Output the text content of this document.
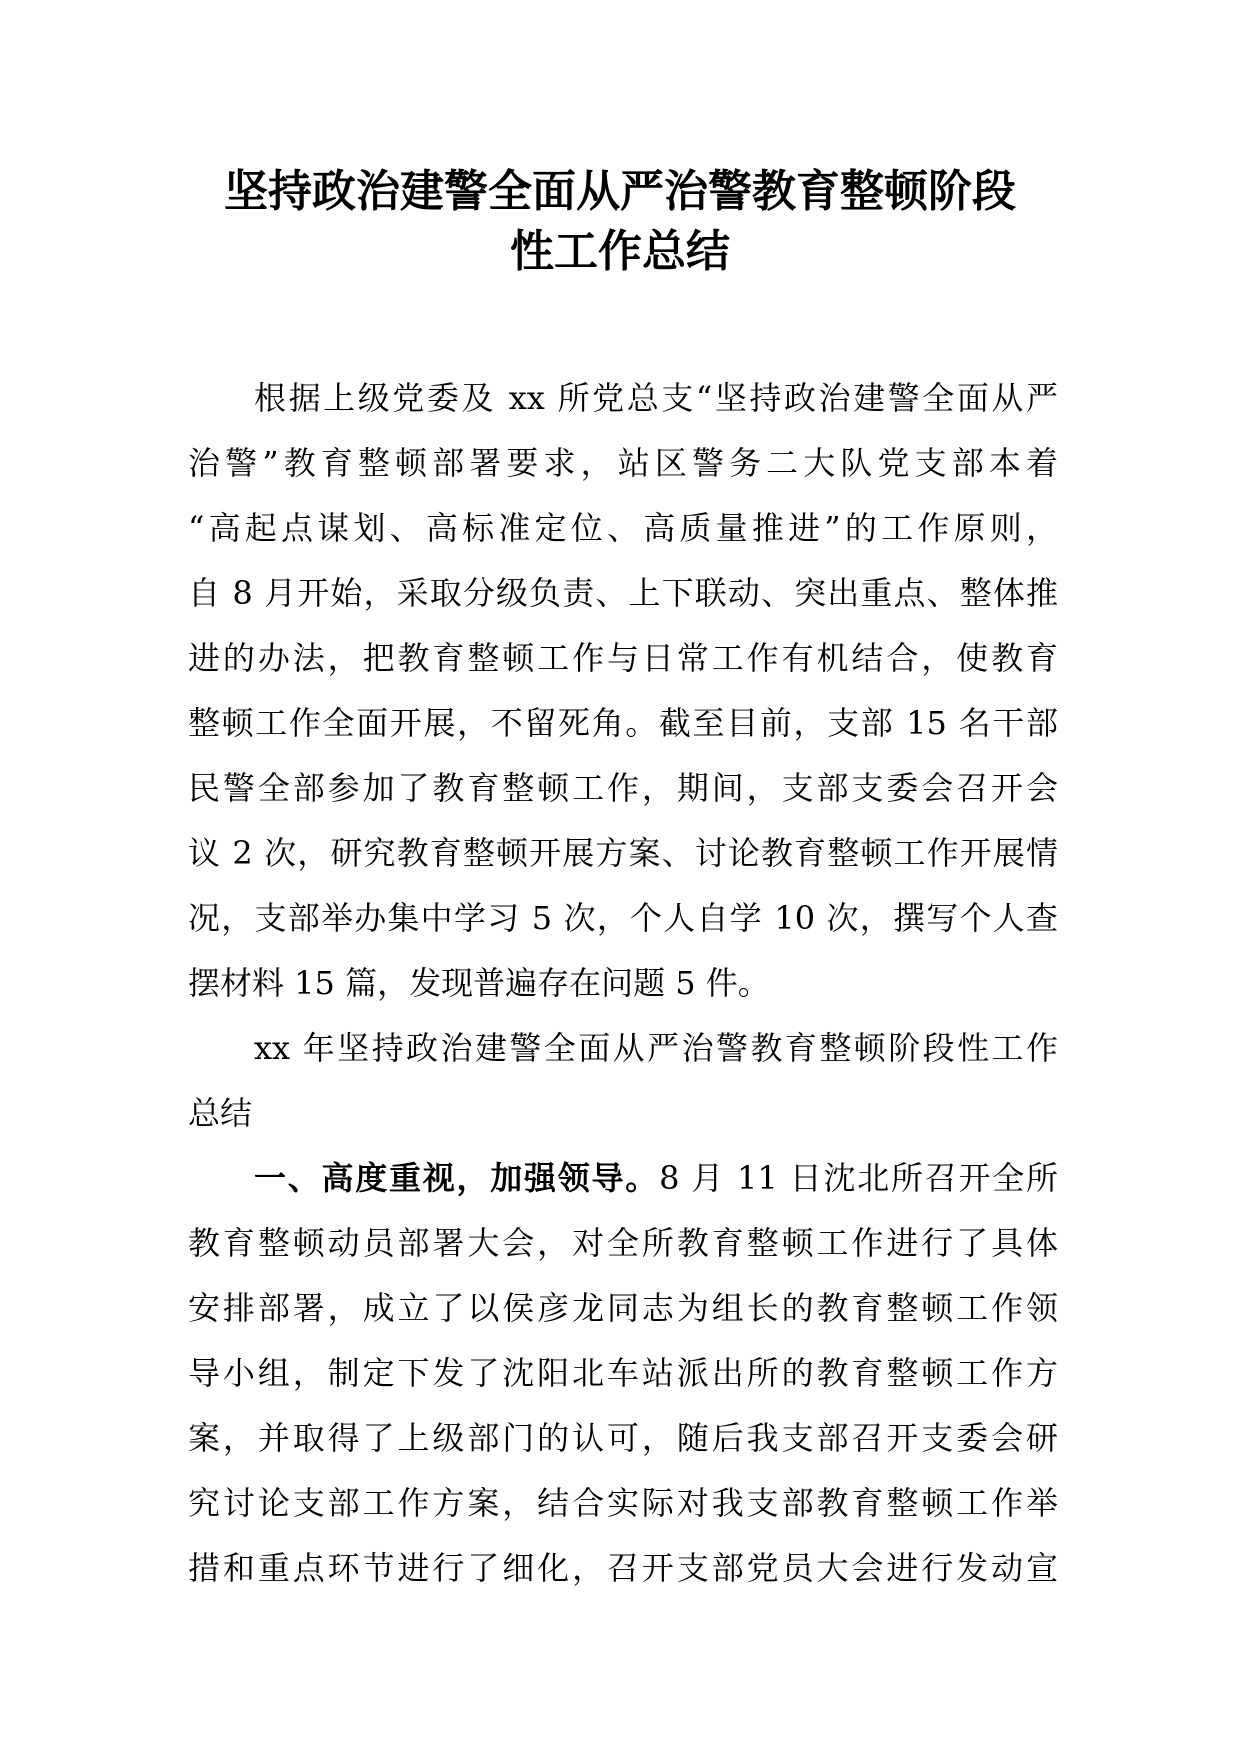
坚持政治建警全面从严治警教育整顿阶段
性工作总结
根据上级党委及 xx 所党总支“坚持政治建警全面从严
治警”教育整顿部署要求，站区警务二大队党支部本着
“高起点谋划、高标准定位、高质量推进”的工作原则，
自 8 月开始，采取分级负责、上下联动、突出重点、整体推
进的办法，把教育整顿工作与日常工作有机结合，使教育
整顿工作全面开展，不留死角。截至目前，支部 15 名干部
民警全部参加了教育整顿工作，期间，支部支委会召开会
议 2 次，研究教育整顿开展方案、讨论教育整顿工作开展情
况，支部举办集中学习 5 次，个人自学 10 次，撰写个人查
摆材料 15 篇，发现普遍存在问题 5 件。
xx 年坚持政治建警全面从严治警教育整顿阶段性工作
总结
一、高度重视，加强领导。8 月 11 日沈北所召开全所
教育整顿动员部署大会，对全所教育整顿工作进行了具体
安排部署，成立了以侯彦龙同志为组长的教育整顿工作领
导小组，制定下发了沈阳北车站派出所的教育整顿工作方
案，并取得了上级部门的认可，随后我支部召开支委会研
究讨论支部工作方案，结合实际对我支部教育整顿工作举
措和重点环节进行了细化，召开支部党员大会进行发动宣
